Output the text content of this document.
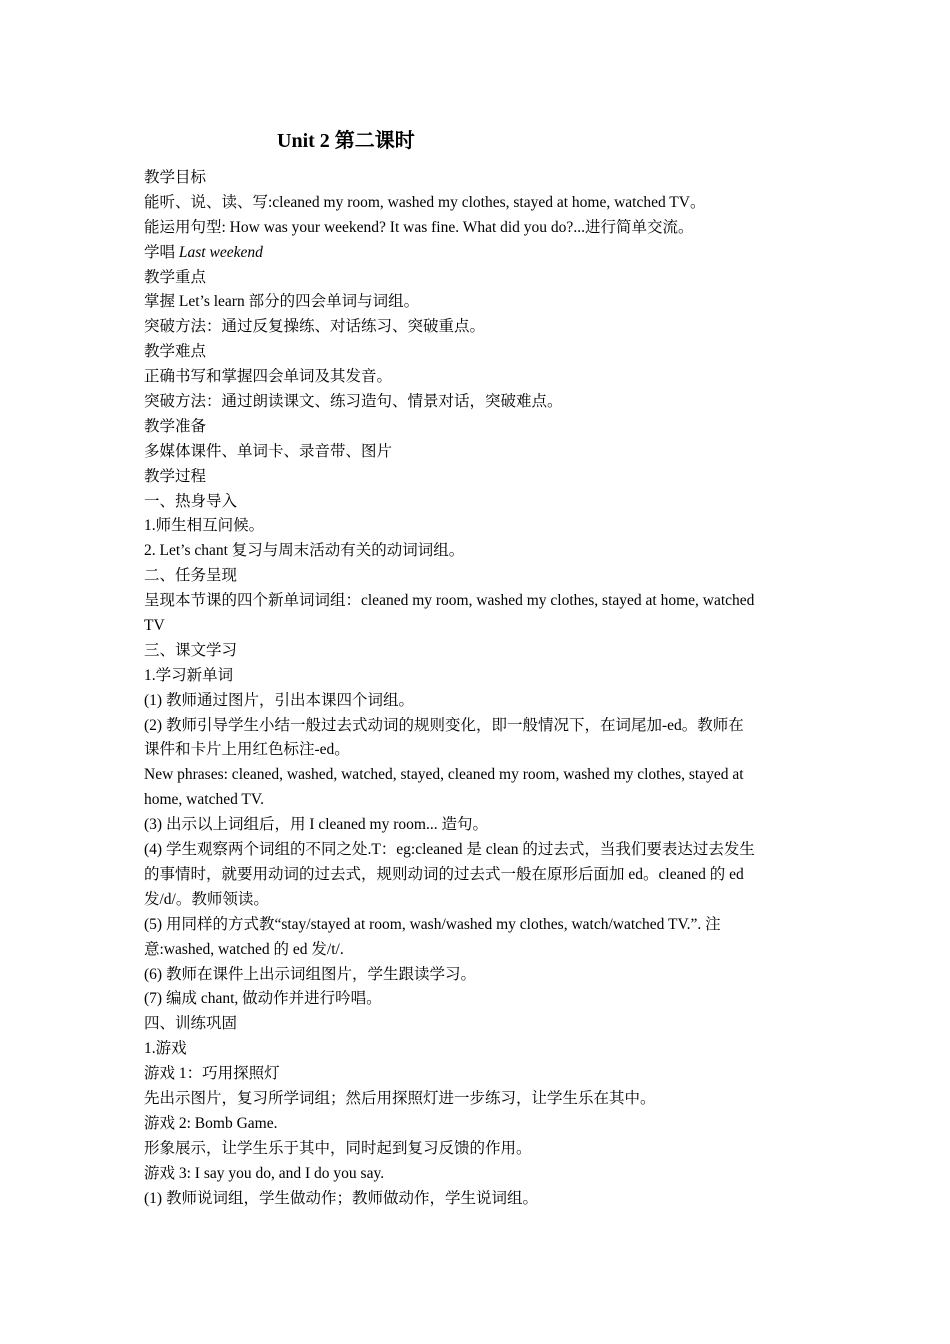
Unit 2 第二课时
教学目标
能听、说、读、写:cleaned my room, washed my clothes, stayed at home, watched TV。
能运用句型: How was your weekend? It was fine. What did you do?...进行简单交流。
学唱 Last weekend
教学重点
掌握 Let’s learn 部分的四会单词与词组。
突破方法：通过反复操练、对话练习、突破重点。
教学难点
正确书写和掌握四会单词及其发音。
突破方法：通过朗读课文、练习造句、情景对话，突破难点。
教学准备
多媒体课件、单词卡、录音带、图片
教学过程
一、热身导入
1.师生相互问候。
2. Let’s chant 复习与周末活动有关的动词词组。
二、任务呈现
呈现本节课的四个新单词词组：cleaned my room, washed my clothes, stayed at home, watched
TV
三、课文学习
1.学习新单词
(1) 教师通过图片，引出本课四个词组。
(2) 教师引导学生小结一般过去式动词的规则变化，即一般情况下，在词尾加-ed。教师在
课件和卡片上用红色标注-ed。
New phrases: cleaned, washed, watched, stayed, cleaned my room, washed my clothes, stayed at
home, watched TV.
(3) 出示以上词组后，用 I cleaned my room... 造句。
(4) 学生观察两个词组的不同之处.T：eg:cleaned 是 clean 的过去式，当我们要表达过去发生
的事情时，就要用动词的过去式，规则动词的过去式一般在原形后面加 ed。cleaned 的 ed
发/d/。教师领读。
(5) 用同样的方式教“stay/stayed at room, wash/washed my clothes, watch/watched TV.”. 注
意:washed, watched 的 ed 发/t/.
(6) 教师在课件上出示词组图片，学生跟读学习。
(7) 编成 chant, 做动作并进行吟唱。
四、训练巩固
1.游戏
游戏 1：巧用探照灯
先出示图片，复习所学词组；然后用探照灯进一步练习，让学生乐在其中。
游戏 2: Bomb Game.
形象展示，让学生乐于其中，同时起到复习反馈的作用。
游戏 3: I say you do, and I do you say.
(1) 教师说词组，学生做动作；教师做动作，学生说词组。
